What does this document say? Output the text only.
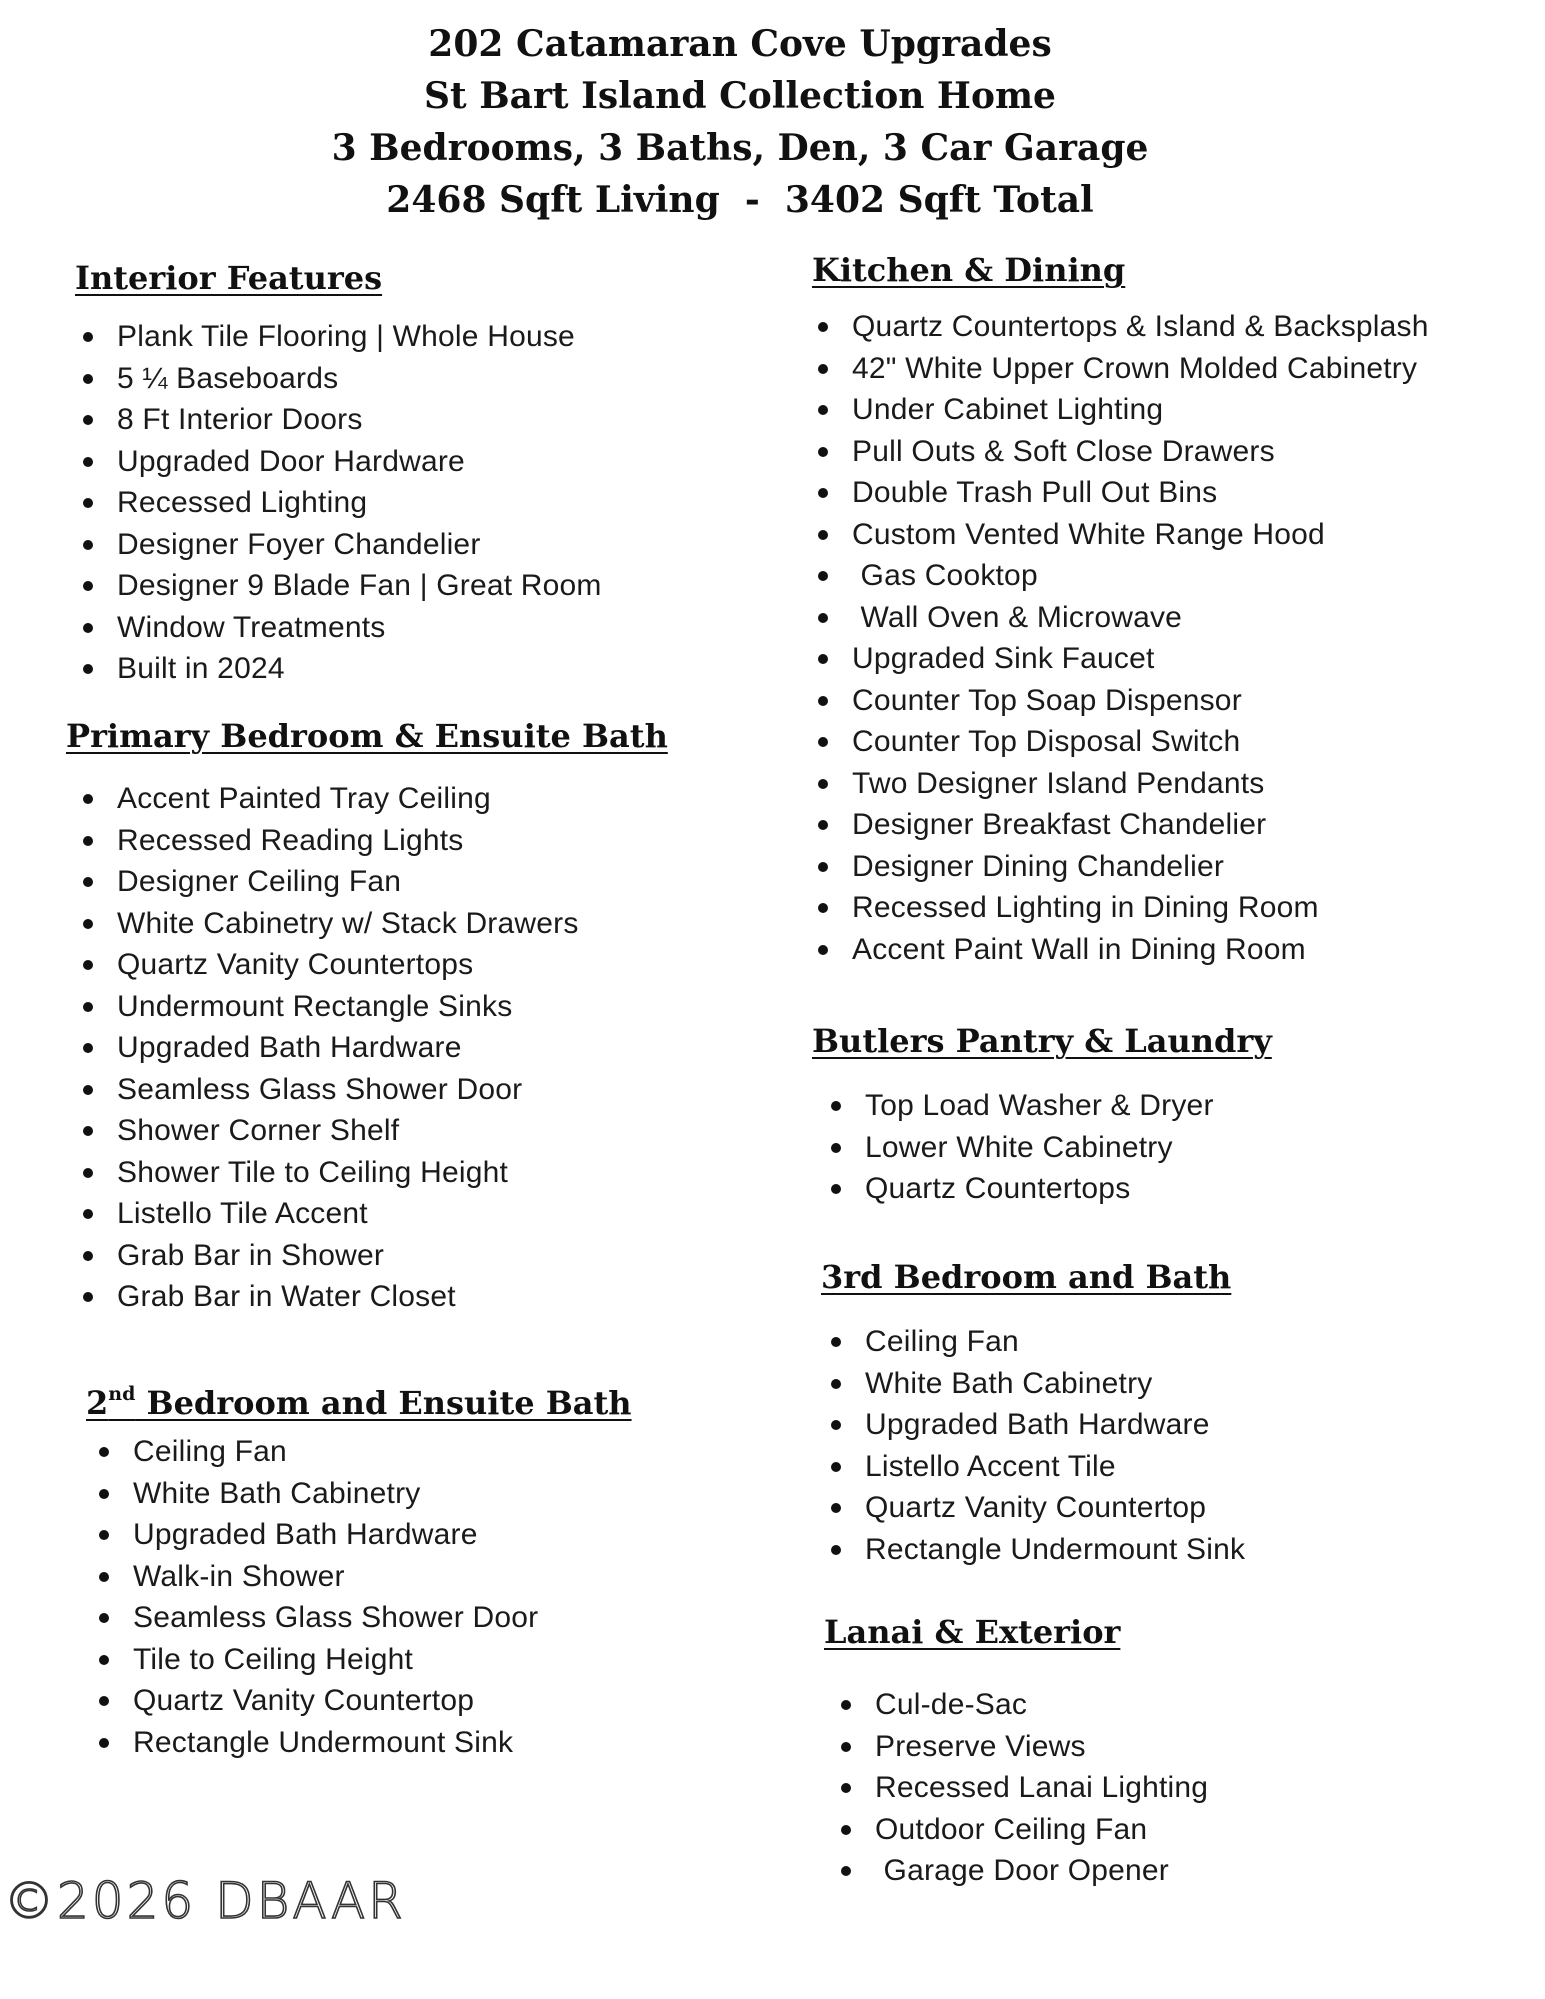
202 Catamaran Cove Upgrades
St Bart Island Collection Home
3 Bedrooms, 3 Baths, Den, 3 Car Garage
2468 Sqft Living  -  3402 Sqft Total
Interior Features
Plank Tile Flooring | Whole House
5 ¼ Baseboards
8 Ft Interior Doors
Upgraded Door Hardware
Recessed Lighting
Designer Foyer Chandelier
Designer 9 Blade Fan | Great Room
Window Treatments
Built in 2024
Primary Bedroom & Ensuite Bath
Accent Painted Tray Ceiling
Recessed Reading Lights
Designer Ceiling Fan
White Cabinetry w/ Stack Drawers
Quartz Vanity Countertops
Undermount Rectangle Sinks
Upgraded Bath Hardware
Seamless Glass Shower Door
Shower Corner Shelf
Shower Tile to Ceiling Height
Listello Tile Accent
Grab Bar in Shower
Grab Bar in Water Closet
2nd Bedroom and Ensuite Bath
Ceiling Fan
White Bath Cabinetry
Upgraded Bath Hardware
Walk-in Shower
Seamless Glass Shower Door
Tile to Ceiling Height
Quartz Vanity Countertop
Rectangle Undermount Sink
Kitchen & Dining
Quartz Countertops & Island & Backsplash
42" White Upper Crown Molded Cabinetry
Under Cabinet Lighting
Pull Outs & Soft Close Drawers
Double Trash Pull Out Bins
Custom Vented White Range Hood
Gas Cooktop
Wall Oven & Microwave
Upgraded Sink Faucet
Counter Top Soap Dispensor
Counter Top Disposal Switch
Two Designer Island Pendants
Designer Breakfast Chandelier
Designer Dining Chandelier
Recessed Lighting in Dining Room
Accent Paint Wall in Dining Room
Butlers Pantry & Laundry
Top Load Washer & Dryer
Lower White Cabinetry
Quartz Countertops
3rd Bedroom and Bath
Ceiling Fan
White Bath Cabinetry
Upgraded Bath Hardware
Listello Accent Tile
Quartz Vanity Countertop
Rectangle Undermount Sink
Lanai & Exterior
Cul-de-Sac
Preserve Views
Recessed Lanai Lighting
Outdoor Ceiling Fan
Garage Door Opener
©2026 DBAAR
